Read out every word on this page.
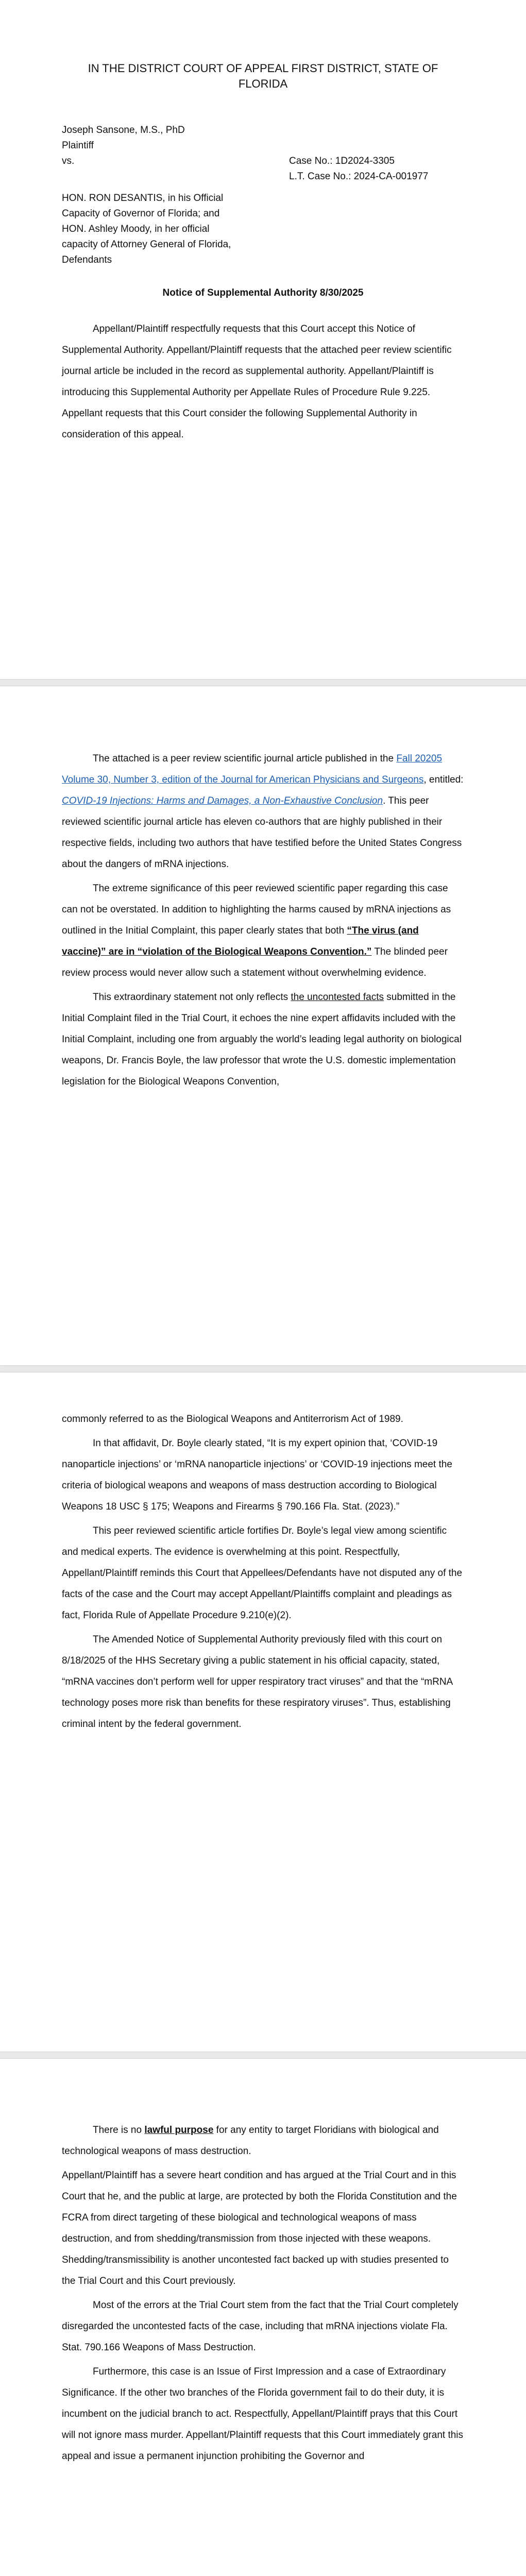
IN THE DISTRICT COURT OF APPEAL FIRST DISTRICT, STATE OF
FLORIDA
Joseph Sansone, M.S., PhD
Plaintiff
vs.	Case No.: 1D2024-3305
L.T. Case No.: 2024-CA-001977
HON. RON DESANTIS, in his Official
Capacity of Governor of Florida; and
HON. Ashley Moody, in her official
capacity of Attorney General of Florida,
Defendants
Notice of Supplemental Authority 8/30/2025

Appellant/Plaintiff respectfully requests that this Court accept this Notice of Supplemental Authority. Appellant/Plaintiff requests that the attached peer review scientific journal article be included in the record as supplemental authority. Appellant/Plaintiff is introducing this Supplemental Authority per Appellate Rules of Procedure Rule 9.225. Appellant requests that this Court consider the following Supplemental Authority in consideration of this appeal.

The attached is a peer review scientific journal article published in the Fall 20205 Volume 30, Number 3, edition of the Journal for American Physicians and Surgeons, entitled: COVID-19 Injections: Harms and Damages, a Non-Exhaustive Conclusion. This peer reviewed scientific journal article has eleven co-authors that are highly published in their respective fields, including two authors that have testified before the United States Congress about the dangers of mRNA injections.

The extreme significance of this peer reviewed scientific paper regarding this case can not be overstated. In addition to highlighting the harms caused by mRNA injections as outlined in the Initial Complaint, this paper clearly states that both “The virus (and vaccine)” are in “violation of the Biological Weapons Convention.” The blinded peer review process would never allow such a statement without overwhelming evidence.

This extraordinary statement not only reflects the uncontested facts submitted in the Initial Complaint filed in the Trial Court, it echoes the nine expert affidavits included with the Initial Complaint, including one from arguably the world’s leading legal authority on biological weapons, Dr. Francis Boyle, the law professor that wrote the U.S. domestic implementation legislation for the Biological Weapons Convention,

commonly referred to as the Biological Weapons and Antiterrorism Act of 1989.

In that affidavit, Dr. Boyle clearly stated, “It is my expert opinion that, ‘COVID-19 nanoparticle injections’ or ‘mRNA nanoparticle injections’ or ‘COVID-19 injections meet the criteria of biological weapons and weapons of mass destruction according to Biological Weapons 18 USC § 175; Weapons and Firearms § 790.166 Fla. Stat. (2023).”

This peer reviewed scientific article fortifies Dr. Boyle’s legal view among scientific and medical experts. The evidence is overwhelming at this point. Respectfully, Appellant/Plaintiff reminds this Court that Appellees/Defendants have not disputed any of the facts of the case and the Court may accept Appellant/Plaintiffs complaint and pleadings as fact, Florida Rule of Appellate Procedure 9.210(e)(2).

The Amended Notice of Supplemental Authority previously filed with this court on 8/18/2025 of the HHS Secretary giving a public statement in his official capacity, stated, “mRNA vaccines don’t perform well for upper respiratory tract viruses” and that the “mRNA technology poses more risk than benefits for these respiratory viruses”. Thus, establishing criminal intent by the federal government.

There is no lawful purpose for any entity to target Floridians with biological and technological weapons of mass destruction.

Appellant/Plaintiff has a severe heart condition and has argued at the Trial Court and in this Court that he, and the public at large, are protected by both the Florida Constitution and the FCRA from direct targeting of these biological and technological weapons of mass destruction, and from shedding/transmission from those injected with these weapons. Shedding/transmissibility is another uncontested fact backed up with studies presented to the Trial Court and this Court previously.

Most of the errors at the Trial Court stem from the fact that the Trial Court completely disregarded the uncontested facts of the case, including that mRNA injections violate Fla. Stat. 790.166 Weapons of Mass Destruction.

Furthermore, this case is an Issue of First Impression and a case of Extraordinary Significance. If the other two branches of the Florida government fail to do their duty, it is incumbent on the judicial branch to act. Respectfully, Appellant/Plaintiff prays that this Court will not ignore mass murder. Appellant/Plaintiff requests that this Court immediately grant this appeal and issue a permanent injunction prohibiting the Governor and
